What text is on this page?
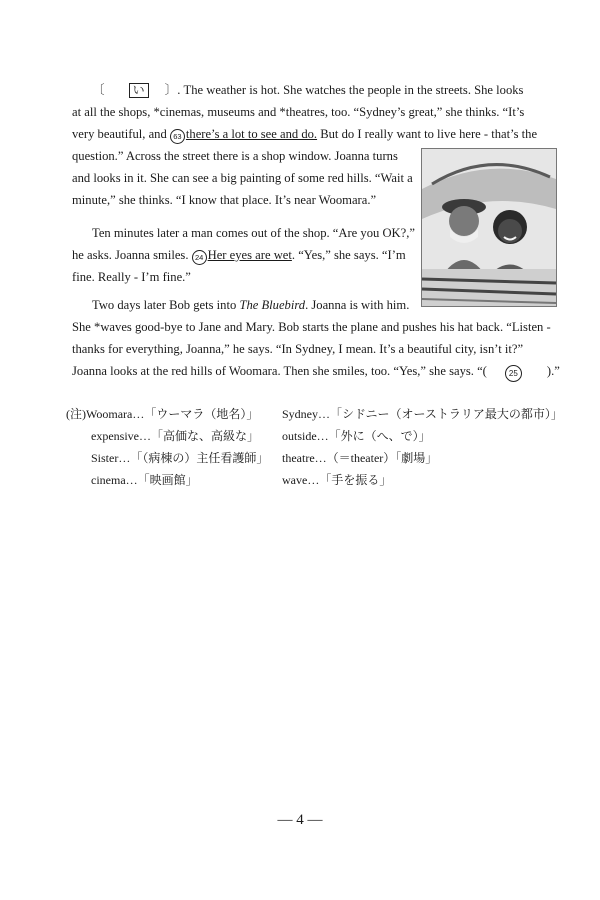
〔 い 〕. The weather is hot. She watches the people in the streets. She looks
at all the shops, *cinemas, museums and *theatres, too. “Sydney’s great,” she thinks. “It’s
very beautiful, and 63 there’s a lot to see and do. But do I really want to live here - that’s the
question.” Across the street there is a shop window. Joanna turns
and looks in it. She can see a big painting of some red hills. “Wait a
minute,” she thinks. “I know that place. It’s near Woomara.”
Ten minutes later a man comes out of the shop. “Are you OK?,”
he asks. Joanna smiles. 24 Her eyes are wet. “Yes,” she says. “I’m
fine. Really - I’m fine.”
Two days later Bob gets into The Bluebird. Joanna is with him.
She *waves good-bye to Jane and Mary. Bob starts the plane and pushes his hat back. “Listen -
thanks for everything, Joanna,” he says. “In Sydney, I mean. It’s a beautiful city, isn’t it?”
Joanna looks at the red hills of Woomara. Then she smiles, too. “Yes,” she says. “(	25 ).”
(注)Woomara…「ウーマラ（地名）」 Sydney…「シドニー（オーストラリア最大の都市）」
expensive…「高価な、高級な」 outside…「外に（へ、で）」
Sister…「（病棟の）主任看護師」 theatre…（＝theater）「劇場」
cinema…「映画館」	wave…「手を振る」
— 4 —
